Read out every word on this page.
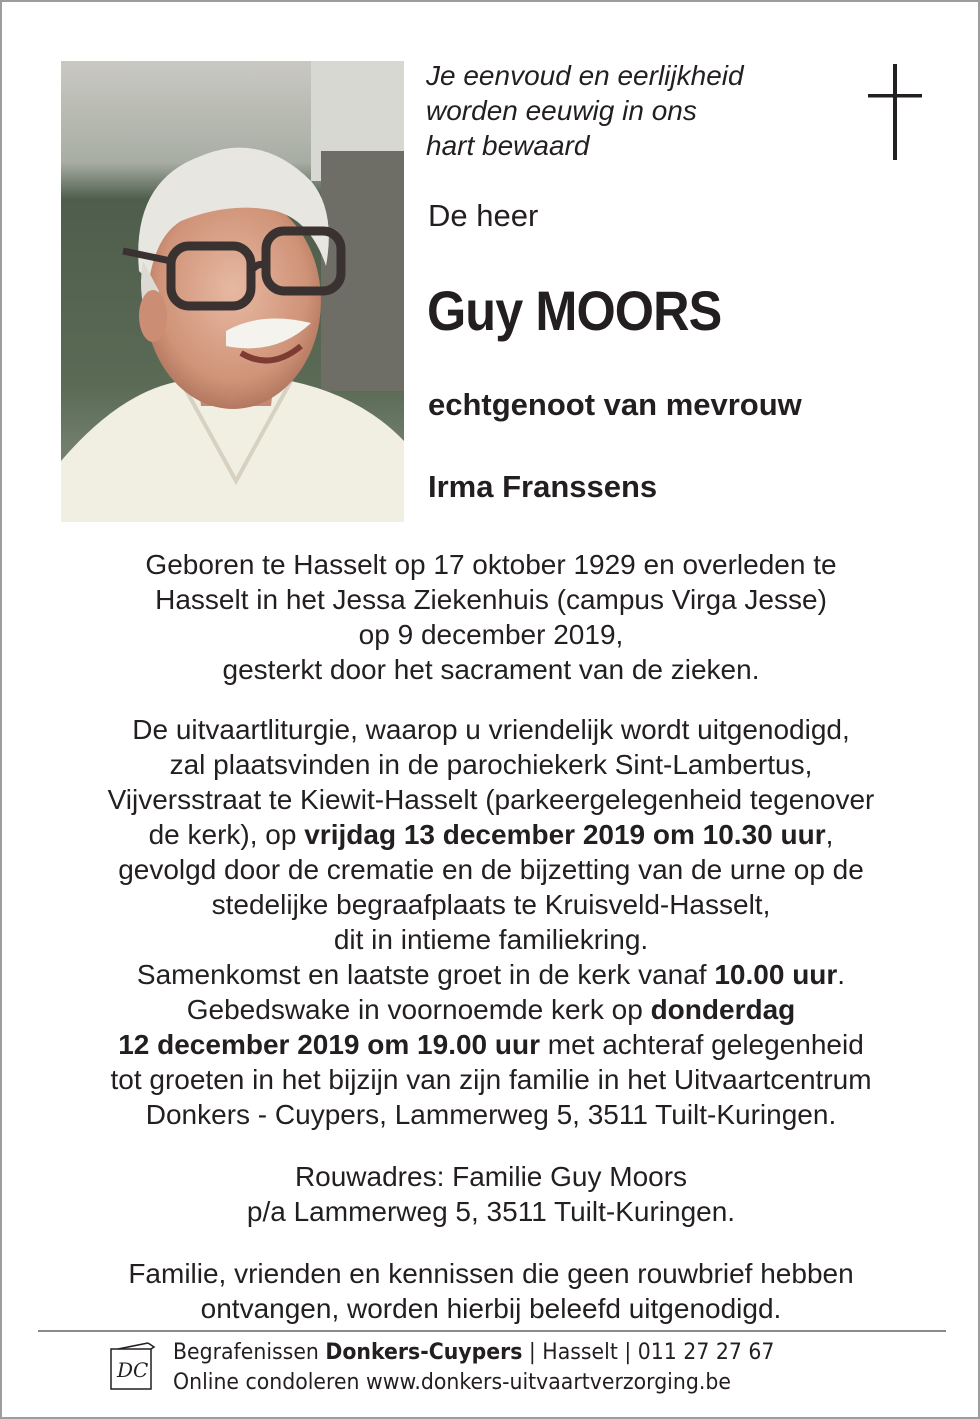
Je eenvoud en eerlijkheid
worden eeuwig in ons
hart bewaard
De heer
Guy MOORS
echtgenoot van mevrouw
Irma Franssens
Geboren te Hasselt op 17 oktober 1929 en overleden te
Hasselt in het Jessa Ziekenhuis (campus Virga Jesse)
op 9 december 2019,
gesterkt door het sacrament van de zieken.
De uitvaartliturgie, waarop u vriendelijk wordt uitgenodigd,
zal plaatsvinden in de parochiekerk Sint-Lambertus,
Vijversstraat te Kiewit-Hasselt (parkeergelegenheid tegenover
de kerk), op vrijdag 13 december 2019 om 10.30 uur,
gevolgd door de crematie en de bijzetting van de urne op de
stedelijke begraafplaats te Kruisveld-Hasselt,
dit in intieme familiekring.
Samenkomst en laatste groet in de kerk vanaf 10.00 uur.
Gebedswake in voornoemde kerk op donderdag
12 december 2019 om 19.00 uur met achteraf gelegenheid
tot groeten in het bijzijn van zijn familie in het Uitvaartcentrum
Donkers - Cuypers, Lammerweg 5, 3511 Tuilt-Kuringen.
Rouwadres: Familie Guy Moors
p/a Lammerweg 5, 3511 Tuilt-Kuringen.
Familie, vrienden en kennissen die geen rouwbrief hebben
ontvangen, worden hierbij beleefd uitgenodigd.
DC
Begrafenissen Donkers-Cuypers | Hasselt | 011 27 27 67
Online condoleren www.donkers-uitvaartverzorging.be
